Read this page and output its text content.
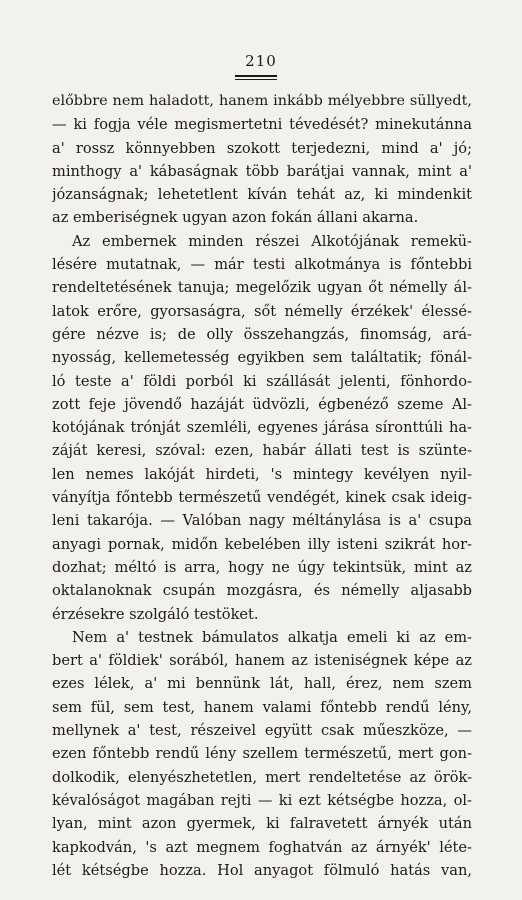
210
előbbre nem haladott, hanem inkább mélyebbre süllyedt,
— ki fogja véle megismertetni tévedését? minekutánna
a' rossz könnyebben szokott terjedezni, mind a' jó;
minthogy a' kábaságnak több barátjai vannak, mint a'
józanságnak; lehetetlent kíván tehát az, ki mindenkit
az emberiségnek ugyan azon fokán állani akarna.
Az embernek minden részei Alkotójának remekü-
lésére mutatnak, — már testi alkotmánya is főntebbi
rendeltetésének tanuja; megelőzik ugyan őt némelly ál-
latok erőre, gyorsaságra, sőt némelly érzékek' élessé-
gére nézve is; de olly összehangzás, finomság, ará-
nyosság, kellemetesség egyikben sem találtatik; fönál-
ló teste a' földi porból ki szállását jelenti, fönhordo-
zott feje jövendő hazáját üdvözli, égbenéző szeme Al-
kotójának trónját szemléli, egyenes járása síronttúli ha-
záját keresi, szóval: ezen, habár állati test is szünte-
len nemes lakóját hirdeti, 's mintegy kevélyen nyil-
ványítja főntebb természetű vendégét, kinek csak ideig-
leni takarója. — Valóban nagy méltánylása is a' csupa
anyagi pornak, midőn kebelében illy isteni szikrát hor-
dozhat; méltó is arra, hogy ne úgy tekintsük, mint az
oktalanoknak csupán mozgásra, és némelly aljasabb
érzésekre szolgáló testöket.
Nem a' testnek bámulatos alkatja emeli ki az em-
bert a' földiek' sorából, hanem az isteniségnek képe az
ezes lélek, a' mi bennünk lát, hall, érez, nem szem
sem fül, sem test, hanem valami főntebb rendű lény,
mellynek a' test, részeivel együtt csak műeszköze, —
ezen főntebb rendű lény szellem természetű, mert gon-
dolkodik, elenyészhetetlen, mert rendeltetése az örök-
kévalóságot magában rejti — ki ezt kétségbe hozza, ol-
lyan, mint azon gyermek, ki falravetett árnyék után
kapkodván, 's azt megnem foghatván az árnyék' léte-
lét kétségbe hozza. Hol anyagot fölmuló hatás van,
